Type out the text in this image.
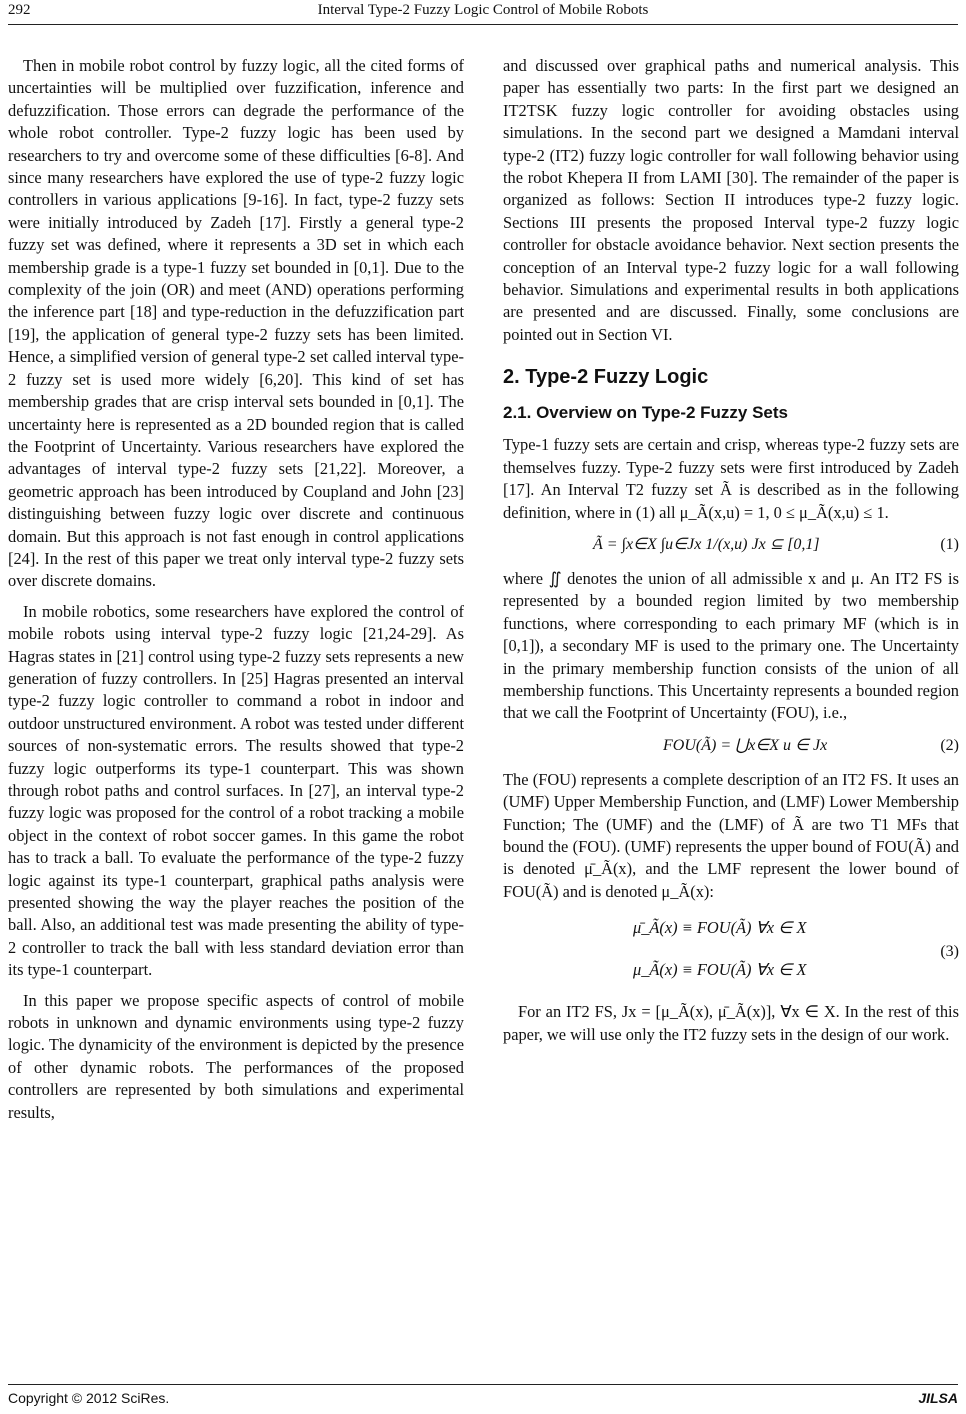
292	Interval Type-2 Fuzzy Logic Control of Mobile Robots

Then in mobile robot control by fuzzy logic, all the cited forms of uncertainties will be multiplied over fuzzification, inference and defuzzification. Those errors can degrade the performance of the whole robot controller. Type-2 fuzzy logic has been used by researchers to try and overcome some of these difficulties [6-8]. And since many researchers have explored the use of type-2 fuzzy logic controllers in various applications [9-16]. In fact, type-2 fuzzy sets were initially introduced by Zadeh [17]. Firstly a general type-2 fuzzy set was defined, where it represents a 3D set in which each membership grade is a type-1 fuzzy set bounded in [0,1]. Due to the complexity of the join (OR) and meet (AND) operations performing the inference part [18] and type-reduction in the defuzzification part [19], the application of general type-2 fuzzy sets has been limited. Hence, a simplified version of general type-2 set called interval type-2 fuzzy set is used more widely [6,20]. This kind of set has membership grades that are crisp interval sets bounded in [0,1]. The uncertainty here is represented as a 2D bounded region that is called the Footprint of Uncertainty. Various researchers have explored the advantages of interval type-2 fuzzy sets [21,22]. Moreover, a geometric approach has been introduced by Coupland and John [23] distinguishing between fuzzy logic over discrete and continuous domain. But this approach is not fast enough in control applications [24]. In the rest of this paper we treat only interval type-2 fuzzy sets over discrete domains.

In mobile robotics, some researchers have explored the control of mobile robots using interval type-2 fuzzy logic [21,24-29]. As Hagras states in [21] control using type-2 fuzzy sets represents a new generation of fuzzy controllers. In [25] Hagras presented an interval type-2 fuzzy logic controller to command a robot in indoor and outdoor unstructured environment. A robot was tested under different sources of non-systematic errors. The results showed that type-2 fuzzy logic outperforms its type-1 counterpart. This was shown through robot paths and control surfaces. In [27], an interval type-2 fuzzy logic was proposed for the control of a robot tracking a mobile object in the context of robot soccer games. In this game the robot has to track a ball. To evaluate the performance of the type-2 fuzzy logic against its type-1 counterpart, graphical paths analysis were presented showing the way the player reaches the position of the ball. Also, an additional test was made presenting the ability of type-2 controller to track the ball with less standard deviation error than its type-1 counterpart.

In this paper we propose specific aspects of control of mobile robots in unknown and dynamic environments using type-2 fuzzy logic. The dynamicity of the environment is depicted by the presence of other dynamic robots. The performances of the proposed controllers are represented by both simulations and experimental results,

and discussed over graphical paths and numerical analysis. This paper has essentially two parts: In the first part we designed an IT2TSK fuzzy logic controller for avoiding obstacles using simulations. In the second part we designed a Mamdani interval type-2 (IT2) fuzzy logic controller for wall following behavior using the robot Khepera II from LAMI [30]. The remainder of the paper is organized as follows: Section II introduces type-2 fuzzy logic. Sections III presents the proposed Interval type-2 fuzzy logic controller for obstacle avoidance behavior. Next section presents the conception of an Interval type-2 fuzzy logic for a wall following behavior. Simulations and experimental results in both applications are presented and are discussed. Finally, some conclusions are pointed out in Section VI.

2. Type-2 Fuzzy Logic
2.1. Overview on Type-2 Fuzzy Sets

Type-1 fuzzy sets are certain and crisp, whereas type-2 fuzzy sets are themselves fuzzy. Type-2 fuzzy sets were first introduced by Zadeh [17]. An Interval T2 fuzzy set Ã is described as in the following definition, where in (1) all μ_Ã(x,u) = 1, 0 ≤ μ_Ã(x,u) ≤ 1.

Ã = ∫x∈X ∫u∈Jx 1/(x,u) Jx ⊆ [0,1]	(1)

where ∬ denotes the union of all admissible x and μ. An IT2 FS is represented by a bounded region limited by two membership functions, where corresponding to each primary MF (which is in [0,1]), a secondary MF is used to the primary one. The Uncertainty in the primary membership function consists of the union of all membership functions. This Uncertainty represents a bounded region that we call the Footprint of Uncertainty (FOU), i.e.,

FOU(Ã) = ⋃x∈X u ∈ Jx	(2)

The (FOU) represents a complete description of an IT2 FS. It uses an (UMF) Upper Membership Function, and (LMF) Lower Membership Function; The (UMF) and the (LMF) of Ã are two T1 MFs that bound the (FOU). (UMF) represents the upper bound of FOU(Ã) and is denoted μ̄_Ã(x), and the LMF represent the lower bound of FOU(Ã) and is denoted μ_Ã(x):

μ̄_Ã(x) ≡ FOU(Ã) ∀x ∈ X
μ_Ã(x) ≡ FOU(Ã) ∀x ∈ X
(3)

For an IT2 FS, Jx = [μ_Ã(x), μ̄_Ã(x)], ∀x ∈ X. In the rest of this paper, we will use only the IT2 fuzzy sets in the design of our work.

Copyright © 2012 SciRes.	JILSA
